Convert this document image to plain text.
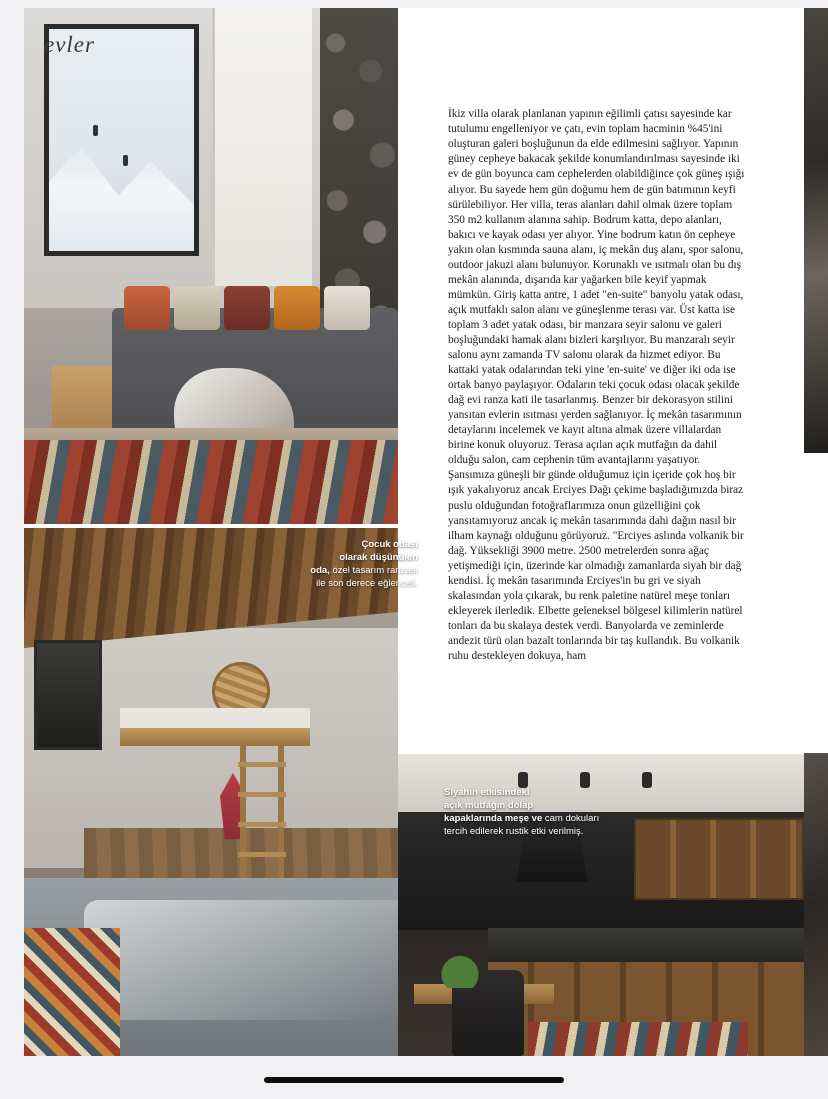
evler
Çocuk odası
olarak düşünülen
oda, özel tasarım ranzası ile son derece eğlenceli.

İkiz villa olarak planlanan yapının eğilimli çatısı sayesinde kar tutulumu engelleniyor ve çatı, evin toplam hacminin %45'ini oluşturan galeri boşluğunun da elde edilmesini sağlıyor. Yapının güney cepheye bakacak şekilde konumlandırılması sayesinde iki ev de gün boyunca cam cephelerden olabildiğince çok güneş ışığı alıyor. Bu sayede hem gün doğumu hem de gün batımının keyfi sürülebiliyor. Her villa, teras alanları dahil olmak üzere toplam 350 m2 kullanım alanına sahip. Bodrum katta, depo alanları, bakıcı ve kayak odası yer alıyor. Yine bodrum katın ön cepheye yakın olan kısmında sauna alanı, iç mekân duş alanı, spor salonu, outdoor jakuzi alanı bulunuyor. Korunaklı ve ısıtmalı olan bu dış mekân alanında, dışarıda kar yağarken bile keyif yapmak mümkün. Giriş katta antre, 1 adet "en-suite" banyolu yatak odası, açık mutfaklı salon alanı ve güneşlenme terası var. Üst katta ise toplam 3 adet yatak odası, bir manzara seyir salonu ve galeri boşluğundaki hamak alanı bizleri karşılıyor. Bu manzaralı seyir salonu aynı zamanda TV salonu olarak da hizmet ediyor. Bu kattaki yatak odalarından teki yine 'en-suite' ve diğer iki oda ise ortak banyo paylaşıyor. Odaların teki çocuk odası olacak şekilde dağ evi ranza kati ile tasarlanmış. Benzer bir dekorasyon stilini yansıtan evlerin ısıtması yerden sağlanıyor. İç mekân tasarımının detaylarını incelemek ve kayıt altına almak üzere villalardan birine konuk oluyoruz. Terasa açılan açık mutfağın da dahil olduğu salon, cam cephenin tüm avantajlarını yaşatıyor. Şansımıza güneşli bir günde olduğumuz için içeride çok hoş bir ışık yakalıyoruz ancak Erciyes Dağı çekime başladığımızda biraz puslu olduğundan fotoğraflarımıza onun güzelliğini çok yansıtamıyoruz ancak iç mekân tasarımında dahi dağın nasıl bir ilham kaynağı olduğunu görüyoruz. "Erciyes aslında volkanik bir dağ. Yüksekliği 3900 metre. 2500 metrelerden sonra ağaç yetişmediği için, üzerinde kar olmadığı zamanlarda siyah bir dağ kendisi. İç mekân tasarımında Erciyes'in bu gri ve siyah skalasından yola çıkarak, bu renk paletine natürel meşe tonları ekleyerek ilerledik. Elbette geleneksel bölgesel kilimlerin natürel tonları da bu skalaya destek verdi. Banyolarda ve zeminlerde andezit türü olan bazalt tonlarında bir taş kullandık. Bu volkanik ruhu destekleyen dokuya, ham

Siyahın etkisindeki
açık mutfağın dolap
kapaklarında meşe ve cam dokuları tercih edilerek rustik etki verilmiş.
